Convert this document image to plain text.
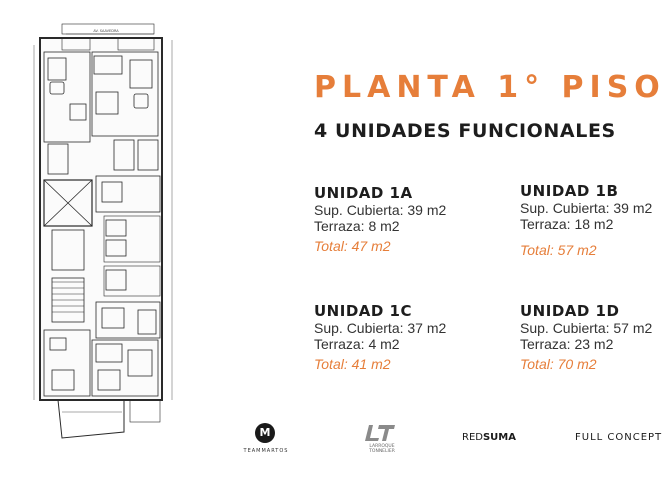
AV. SAAVEDRA
PLANTA 1° PISO
4 UNIDADES FUNCIONALES
UNIDAD 1A
Sup. Cubierta: 39 m2
Terraza: 8 m2
Total: 47 m2
UNIDAD 1B
Sup. Cubierta: 39 m2
Terraza: 18 m2
Total: 57 m2
UNIDAD 1C
Sup. Cubierta: 37 m2
Terraza: 4 m2
Total: 41 m2
UNIDAD 1D
Sup. Cubierta: 57 m2
Terraza: 23 m2
Total: 70 m2
M
TEAMMARTOS
LARROQUE
TONNELIER
REDSUMA	FULL CONCEPT
